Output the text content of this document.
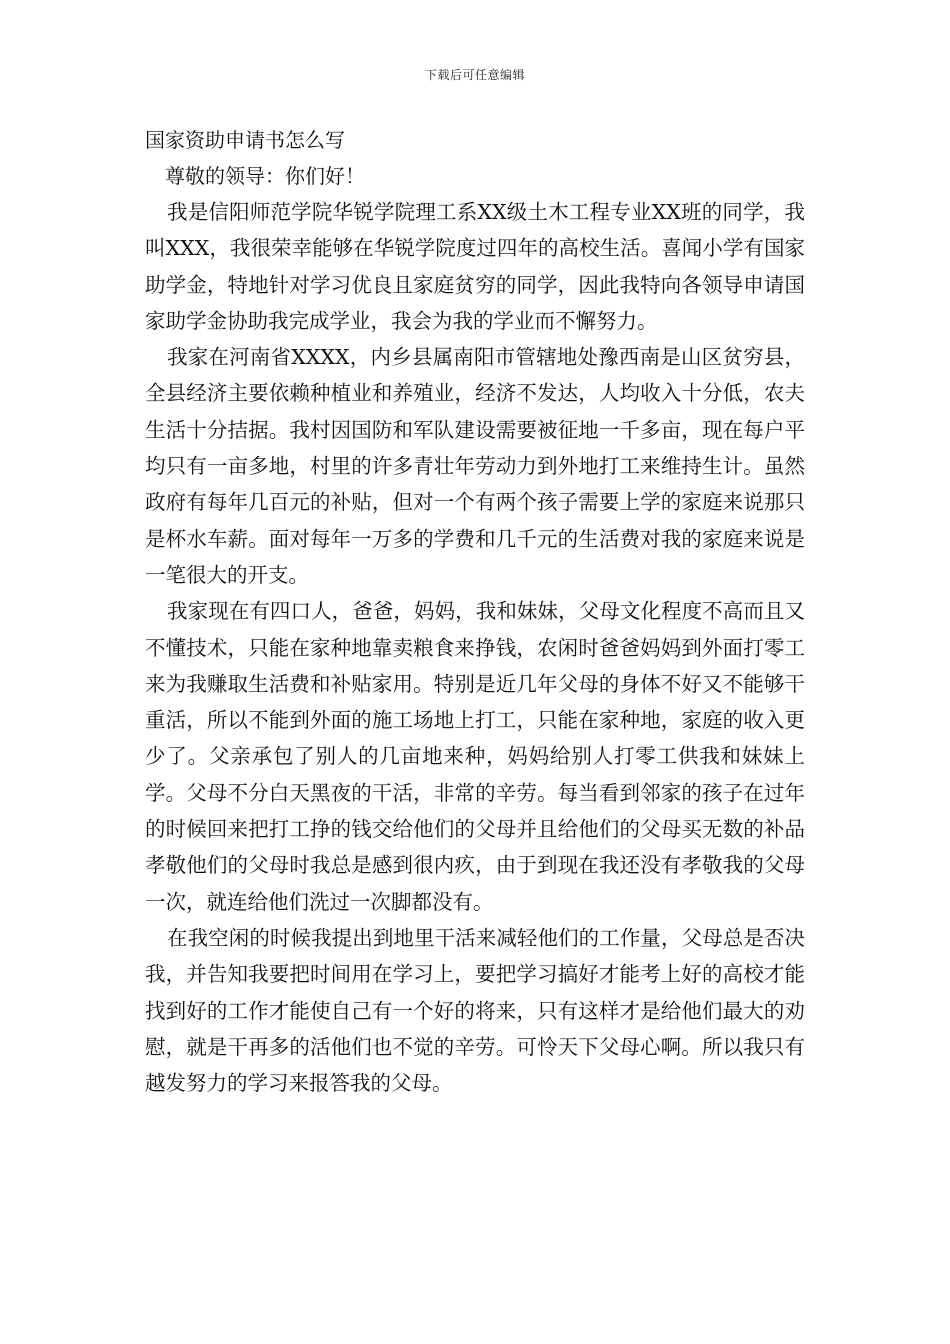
下载后可任意编辑
国家资助申请书怎么写

尊敬的领导：你们好！

我是信阳师范学院华锐学院理工系XX级土木工程专业XX班的同学，我叫XXX，我很荣幸能够在华锐学院度过四年的高校生活。喜闻小学有国家助学金，特地针对学习优良且家庭贫穷的同学，因此我特向各领导申请国家助学金协助我完成学业，我会为我的学业而不懈努力。

我家在河南省XXXX，内乡县属南阳市管辖地处豫西南是山区贫穷县，全县经济主要依赖种植业和养殖业，经济不发达，人均收入十分低，农夫生活十分拮据。我村因国防和军队建设需要被征地一千多亩，现在每户平均只有一亩多地，村里的许多青壮年劳动力到外地打工来维持生计。虽然政府有每年几百元的补贴，但对一个有两个孩子需要上学的家庭来说那只是杯水车薪。面对每年一万多的学费和几千元的生活费对我的家庭来说是一笔很大的开支。

我家现在有四口人，爸爸，妈妈，我和妹妹，父母文化程度不高而且又不懂技术，只能在家种地靠卖粮食来挣钱，农闲时爸爸妈妈到外面打零工来为我赚取生活费和补贴家用。特别是近几年父母的身体不好又不能够干重活，所以不能到外面的施工场地上打工，只能在家种地，家庭的收入更少了。父亲承包了别人的几亩地来种，妈妈给别人打零工供我和妹妹上学。父母不分白天黑夜的干活，非常的辛劳。每当看到邻家的孩子在过年的时候回来把打工挣的钱交给他们的父母并且给他们的父母买无数的补品孝敬他们的父母时我总是感到很内疚，由于到现在我还没有孝敬我的父母一次，就连给他们洗过一次脚都没有。

在我空闲的时候我提出到地里干活来减轻他们的工作量，父母总是否决我，并告知我要把时间用在学习上，要把学习搞好才能考上好的高校才能找到好的工作才能使自己有一个好的将来，只有这样才是给他们最大的劝慰，就是干再多的活他们也不觉的辛劳。可怜天下父母心啊。所以我只有越发努力的学习来报答我的父母。
